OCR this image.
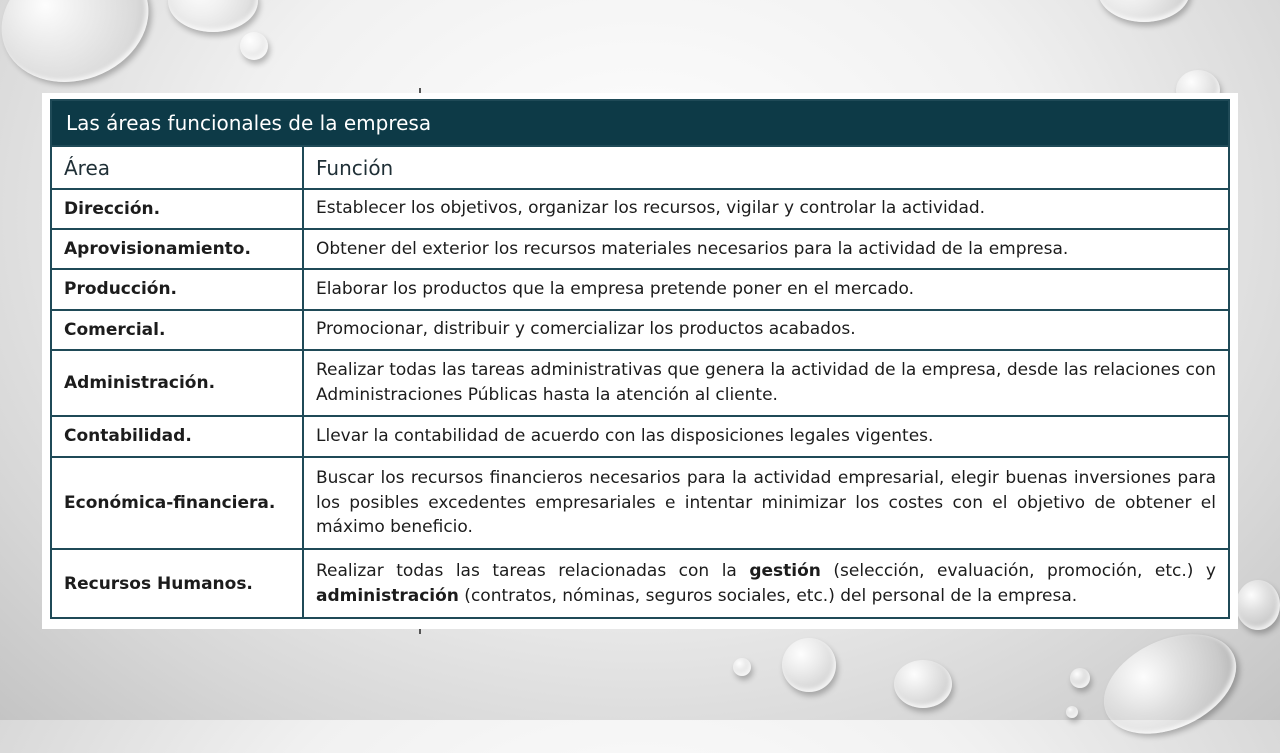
Las áreas funcionales de la empresa	
Área	Función
Dirección.	Establecer los objetivos, organizar los recursos, vigilar y controlar la actividad.
Aprovisionamiento.	Obtener del exterior los recursos materiales necesarios para la actividad de la empresa.
Producción.	Elaborar los productos que la empresa pretende poner en el mercado.
Comercial.	Promocionar, distribuir y comercializar los productos acabados.
Administración.	Realizar todas las tareas administrativas que genera la actividad de la empresa, desde las relaciones con Administraciones Públicas hasta la atención al cliente.
Contabilidad.	Llevar la contabilidad de acuerdo con las disposiciones legales vigentes.
Económica-financiera.	Buscar los recursos financieros necesarios para la actividad empresarial, elegir buenas inversiones para los posibles excedentes empresariales e intentar minimizar los costes con el objetivo de obtener el máximo beneficio.
Recursos Humanos.	Realizar todas las tareas relacionadas con la gestión (selección, evaluación, promoción, etc.) y administración (contratos, nóminas, seguros sociales, etc.) del personal de la empresa.
